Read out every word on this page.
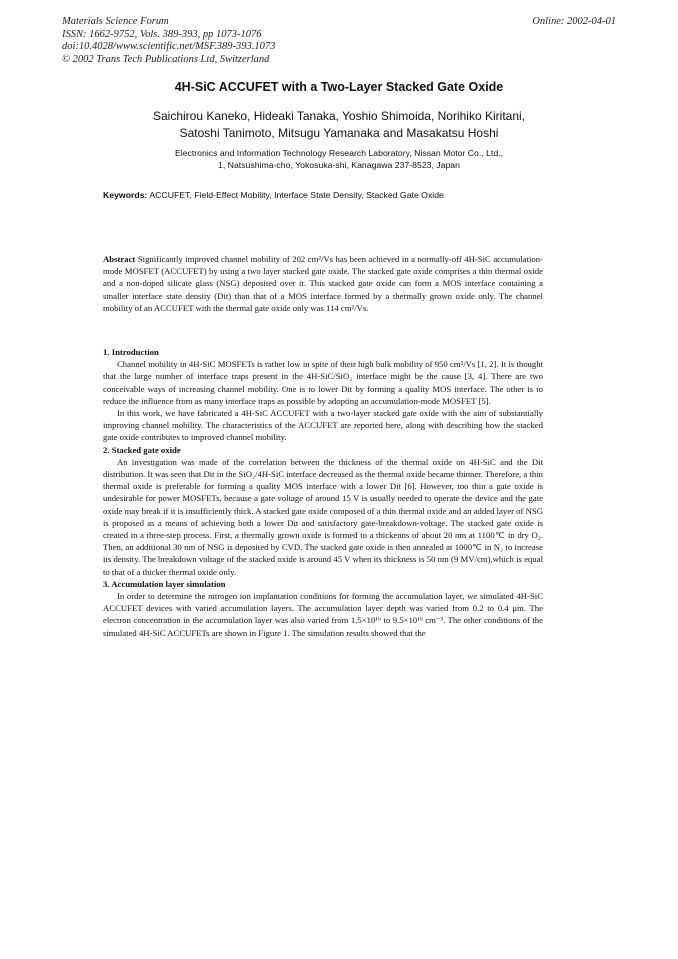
Materials Science Forum
ISSN: 1662-9752, Vols. 389-393, pp 1073-1076
doi:10.4028/www.scientific.net/MSF.389-393.1073
© 2002 Trans Tech Publications Ltd, Switzerland
Online: 2002-04-01
4H-SiC ACCUFET with a Two-Layer Stacked Gate Oxide
Saichirou Kaneko, Hideaki Tanaka, Yoshio Shimoida, Norihiko Kiritani,
Satoshi Tanimoto, Mitsugu Yamanaka and Masakatsu Hoshi
Electronics and Information Technology Research Laboratory, Nissan Motor Co., Ltd.,
1, Natsushima-cho, Yokosuka-shi, Kanagawa 237-8523, Japan
Keywords: ACCUFET, Field-Effect Mobility, Interface State Density, Stacked Gate Oxide

Abstract Significantly improved channel mobility of 202 cm²/Vs has been achieved in a normally-off 4H-SiC accumulation-mode MOSFET (ACCUFET) by using a two layer stacked gate oxide. The stacked gate oxide comprises a thin thermal oxide and a non-doped silicate glass (NSG) deposited over it. This stacked gate oxide can form a MOS interface containing a smaller interface state density (Dit) than that of a MOS interface formed by a thermally grown oxide only. The channel mobility of an ACCUFET with the thermal gate oxide only was 114 cm²/Vs.

1. Introduction

Channel mobility in 4H-SiC MOSFETs is rather low in spite of their high bulk mobility of 950 cm²/Vs [1, 2]. It is thought that the large number of interface traps present in the 4H-SiC/SiO₂ interface might be the cause [3, 4]. There are two conceivable ways of increasing channel mobility. One is to lower Dit by forming a quality MOS interface. The other is to reduce the influence from as many interface traps as possible by adopting an accumulation-mode MOSFET [5].

In this work, we have fabricated a 4H-SiC ACCUFET with a two-layer stacked gate oxide with the aim of substantially improving channel mobility. The characteristics of the ACCUFET are reported here, along with describing how the stacked gate oxide contributes to improved channel mobility.

2. Stacked gate oxide

An investigation was made of the correlation between the thickness of the thermal oxide on 4H-SiC and the Dit distribution. It was seen that Dit in the SiO₂/4H-SiC interface decreased as the thermal oxide became thinner. Therefore, a thin thermal oxide is preferable for forming a quality MOS interface with a lower Dit [6]. However, too thin a gate oxide is undesirable for power MOSFETs, because a gate voltage of around 15 V is usually needed to operate the device and the gate oxide may break if it is insufficiently thick. A stacked gate oxide composed of a thin thermal oxide and an added layer of NSG is proposed as a means of achieving both a lower Dit and satisfactory gate-breakdown-voltage. The stacked gate oxide is created in a three-step process. First, a thermally grown oxide is formed to a thickenns of about 20 nm at 1100℃ in dry O₂. Then, an additional 30 nm of NSG is deposited by CVD. The stacked gate oxide is then annealed at 1000℃ in N₂ to increase its density. The breakdown voltage of the stacked oxide is around 45 V when its thickness is 50 nm (9 MV/cm),which is equal to that of a thicker thermal oxide only.

3. Accumulation layer simulation

In order to determine the nitrogen ion implantation conditions for forming the accumulation layer, we simulated 4H-SiC ACCUFET devices with varied accumulation layers. The accumulation layer depth was varied from 0.2 to 0.4 μm. The electron concentration in the accumulation layer was also varied from 1.5×10¹⁶ to 9.5×10¹⁶ cm⁻³. The other conditions of the simulated 4H-SiC ACCUFETs are shown in Figure 1. The simulation results showed that the
